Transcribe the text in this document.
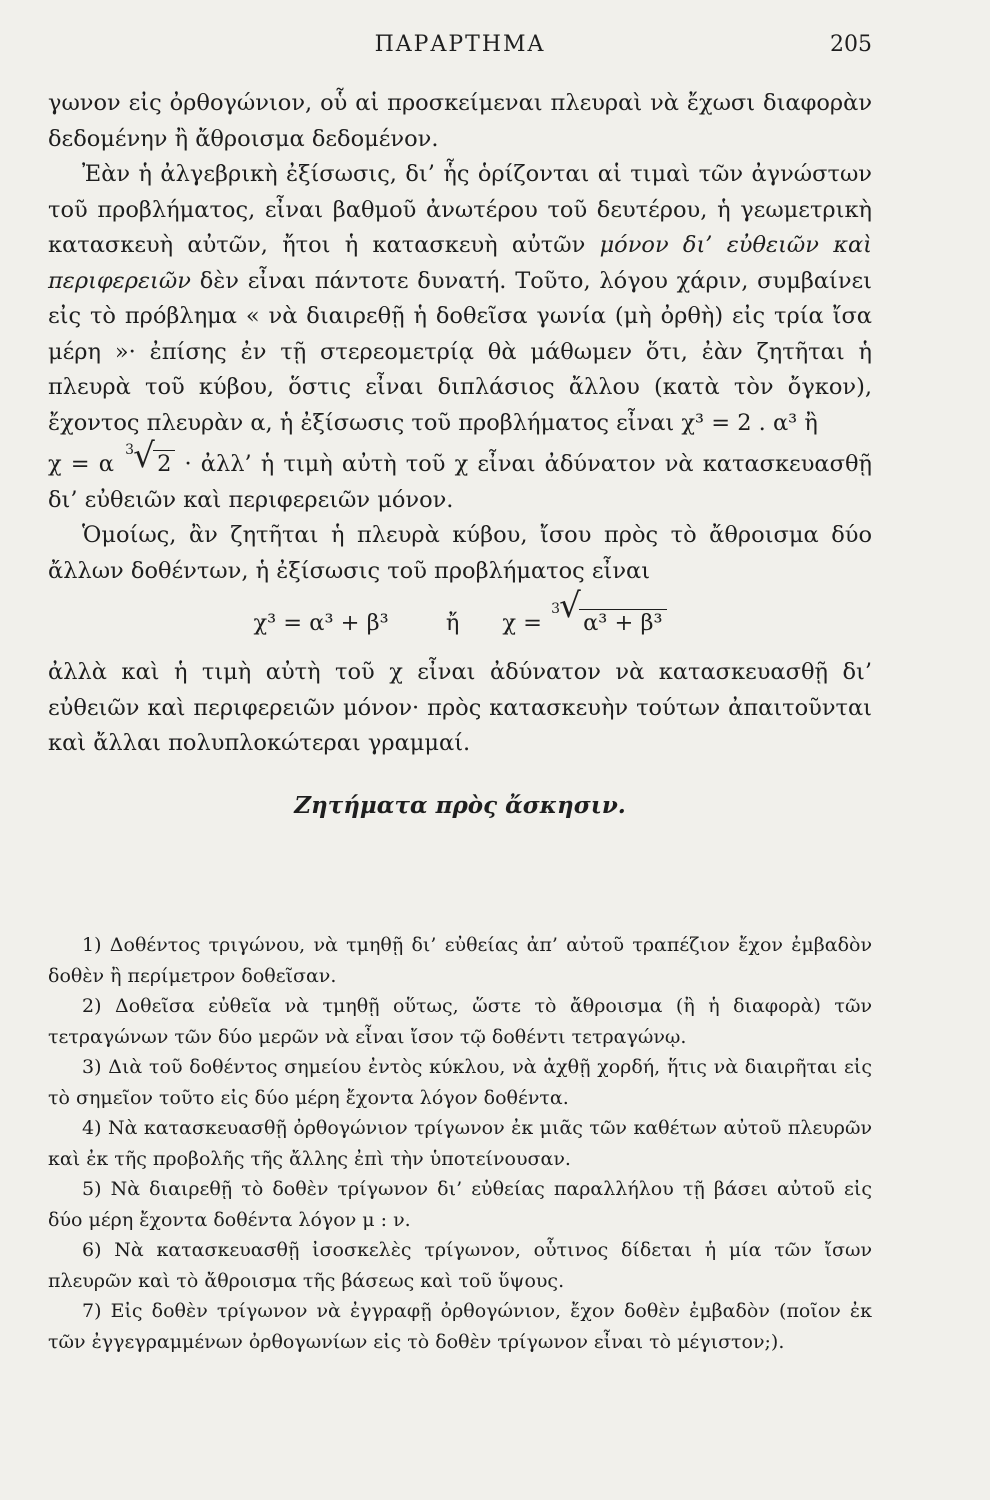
ΠΑΡΑΡΤΗΜΑ	205

γωνον εἰς ὀρθογώνιον, οὗ αἱ προσκείμεναι πλευραὶ νὰ ἔχωσι διαφορὰν δεδομένην ἢ ἄθροισμα δεδομένον.

Ἐὰν ἡ ἀλγεβρικὴ ἐξίσωσις, δι’ ἧς ὁρίζονται αἱ τιμαὶ τῶν ἀγνώστων τοῦ προβλήματος, εἶναι βαθμοῦ ἀνωτέρου τοῦ δευτέρου, ἡ γεωμετρικὴ κατασκευὴ αὐτῶν, ἤτοι ἡ κατασκευὴ αὐτῶν μόνον δι’ εὐθειῶν καὶ περιφερειῶν δὲν εἶναι πάντοτε δυνατή. Τοῦτο, λόγου χάριν, συμβαίνει εἰς τὸ πρόβλημα « νὰ διαιρεθῇ ἡ δοθεῖσα γωνία (μὴ ὀρθὴ) εἰς τρία ἴσα μέρη »· ἐπίσης ἐν τῇ στερεομετρίᾳ θὰ μάθωμεν ὅτι, ἐὰν ζητῆται ἡ πλευρὰ τοῦ κύβου, ὅστις εἶναι διπλάσιος ἄλλου (κατὰ τὸν ὄγκον), ἔχοντος πλευρὰν α, ἡ ἐξίσωσις τοῦ προβλήματος εἶναι χ³ = 2 . α³ ἢ

χ = α
3 √ 2 · ἀλλ’ ἡ τιμὴ αὐτὴ τοῦ χ εἶναι ἀδύνατον νὰ κατασκευασθῇ δι’ εὐθειῶν καὶ περιφερειῶν μόνον.

Ὁμοίως, ἂν ζητῆται ἡ πλευρὰ κύβου, ἴσου πρὸς τὸ ἄθροισμα δύο ἄλλων δοθέντων, ἡ ἐξίσωσις τοῦ προβλήματος εἶναι

χ³ = α³ + β³	ἤ χ =
3 √ α³ + β³

ἀλλὰ καὶ ἡ τιμὴ αὐτὴ τοῦ χ εἶναι ἀδύνατον νὰ κατασκευασθῇ δι’ εὐθειῶν καὶ περιφερειῶν μόνον· πρὸς κατασκευὴν τούτων ἀπαιτοῦνται καὶ ἄλλαι πολυπλοκώτεραι γραμμαί.

Ζητήματα πρὸς ἄσκησιν.

1) Δοθέντος τριγώνου, νὰ τμηθῇ δι’ εὐθείας ἀπ’ αὐτοῦ τραπέζιον ἔχον ἐμβαδὸν δοθὲν ἢ περίμετρον δοθεῖσαν.

2) Δοθεῖσα εὐθεῖα νὰ τμηθῇ οὕτως, ὥστε τὸ ἄθροισμα (ἢ ἡ διαφορὰ) τῶν τετραγώνων τῶν δύο μερῶν νὰ εἶναι ἴσον τῷ δοθέντι τετραγώνῳ.

3) Διὰ τοῦ δοθέντος σημείου ἐντὸς κύκλου, νὰ ἀχθῇ χορδή, ἥτις νὰ διαιρῆται εἰς τὸ σημεῖον τοῦτο εἰς δύο μέρη ἔχοντα λόγον δοθέντα.

4) Νὰ κατασκευασθῇ ὀρθογώνιον τρίγωνον ἐκ μιᾶς τῶν καθέτων αὐτοῦ πλευρῶν καὶ ἐκ τῆς προβολῆς τῆς ἄλλης ἐπὶ τὴν ὑποτείνουσαν.

5) Νὰ διαιρεθῇ τὸ δοθὲν τρίγωνον δι’ εὐθείας παραλλήλου τῇ βάσει αὐτοῦ εἰς δύο μέρη ἔχοντα δοθέντα λόγον μ : ν.

6) Νὰ κατασκευασθῇ ἰσοσκελὲς τρίγωνον, οὗτινος δίδεται ἡ μία τῶν ἴσων πλευρῶν καὶ τὸ ἄθροισμα τῆς βάσεως καὶ τοῦ ὕψους.

7) Εἰς δοθὲν τρίγωνον νὰ ἐγγραφῇ ὀρθογώνιον, ἔχον δοθὲν ἐμβαδὸν (ποῖον ἐκ τῶν ἐγγεγραμμένων ὀρθογωνίων εἰς τὸ δοθὲν τρίγωνον εἶναι τὸ μέγιστον;).
